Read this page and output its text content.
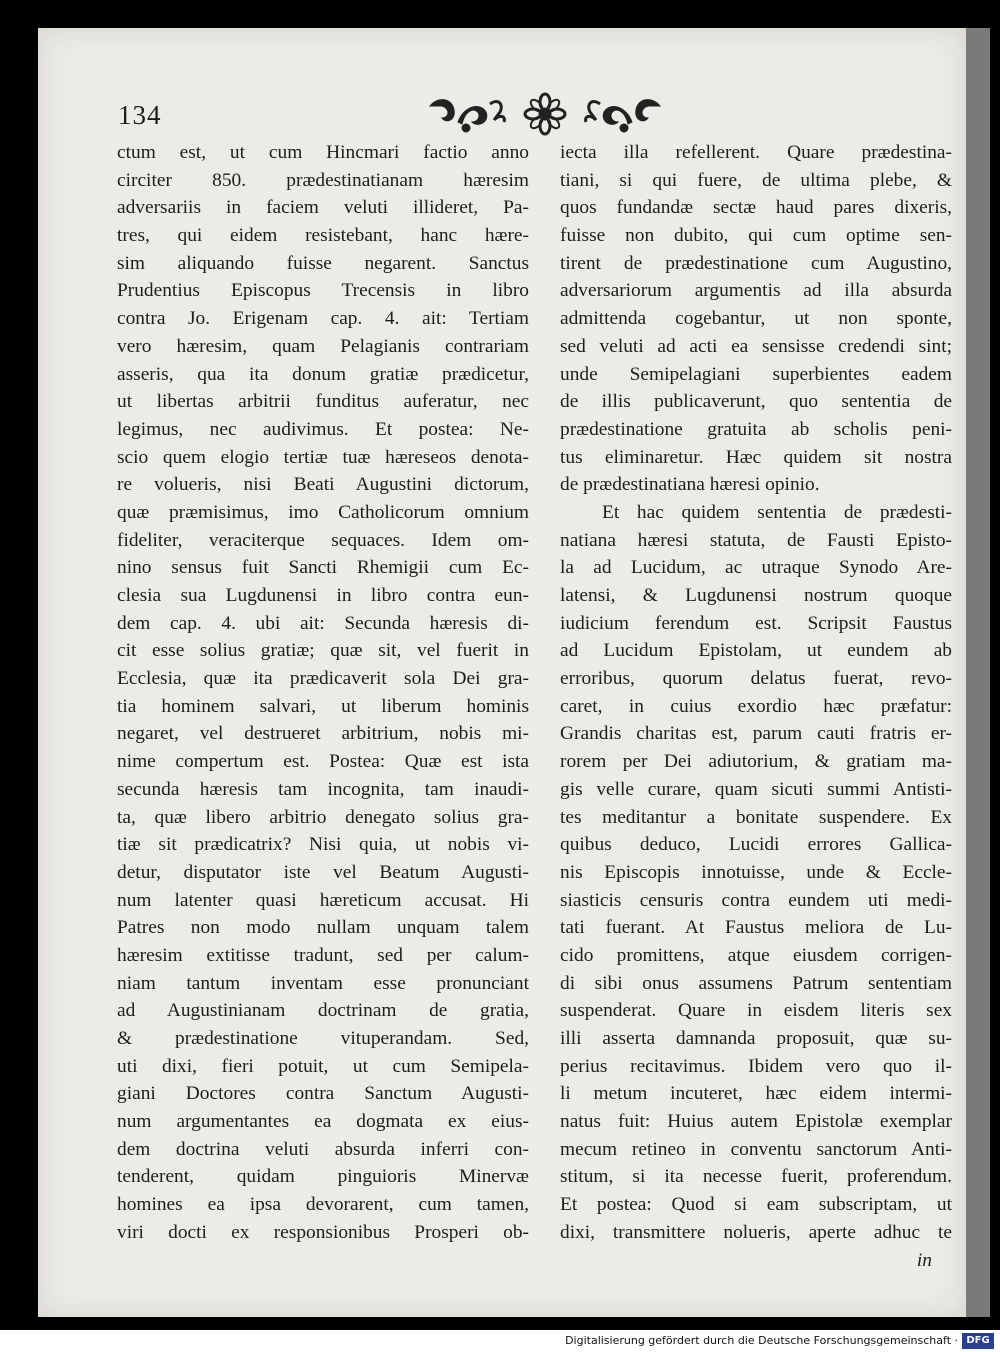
134
ctum est, ut cum Hincmari factio anno
circiter 850. prædestinatianam hæresim
adversariis in faciem veluti illideret, Pa-
tres, qui eidem resistebant, hanc hære-
sim aliquando fuisse negarent. Sanctus
Prudentius Episcopus Trecensis in libro
contra Jo. Erigenam cap. 4. ait: Tertiam
vero hæresim, quam Pelagianis contrariam
asseris, qua ita donum gratiæ prædicetur,
ut libertas arbitrii funditus auferatur, nec
legimus, nec audivimus. Et postea: Ne-
scio quem elogio tertiæ tuæ hæreseos denota-
re volueris, nisi Beati Augustini dictorum,
quæ præmisimus, imo Catholicorum omnium
fideliter, veraciterque sequaces. Idem om-
nino sensus fuit Sancti Rhemigii cum Ec-
clesia sua Lugdunensi in libro contra eun-
dem cap. 4. ubi ait: Secunda hæresis di-
cit esse solius gratiæ; quæ sit, vel fuerit in
Ecclesia, quæ ita prædicaverit sola Dei gra-
tia hominem salvari, ut liberum hominis
negaret, vel destrueret arbitrium, nobis mi-
nime compertum est. Postea: Quæ est ista
secunda hæresis tam incognita, tam inaudi-
ta, quæ libero arbitrio denegato solius gra-
tiæ sit prædicatrix? Nisi quia, ut nobis vi-
detur, disputator iste vel Beatum Augusti-
num latenter quasi hæreticum accusat. Hi
Patres non modo nullam unquam talem
hæresim extitisse tradunt, sed per calum-
niam tantum inventam esse pronunciant
ad Augustinianam doctrinam de gratia,
& prædestinatione vituperandam. Sed,
uti dixi, fieri potuit, ut cum Semipela-
giani Doctores contra Sanctum Augusti-
num argumentantes ea dogmata ex eius-
dem doctrina veluti absurda inferri con-
tenderent, quidam pinguioris Minervæ
homines ea ipsa devorarent, cum tamen,
viri docti ex responsionibus Prosperi ob-
iecta illa refellerent. Quare prædestina-
tiani, si qui fuere, de ultima plebe, &
quos fundandæ sectæ haud pares dixeris,
fuisse non dubito, qui cum optime sen-
tirent de prædestinatione cum Augustino,
adversariorum argumentis ad illa absurda
admittenda cogebantur, ut non sponte,
sed veluti ad acti ea sensisse credendi sint;
unde Semipelagiani superbientes eadem
de illis publicaverunt, quo sententia de
prædestinatione gratuita ab scholis peni-
tus eliminaretur. Hæc quidem sit nostra
de prædestinatiana hæresi opinio.
Et hac quidem sententia de prædesti-
natiana hæresi statuta, de Fausti Episto-
la ad Lucidum, ac utraque Synodo Are-
latensi, & Lugdunensi nostrum quoque
iudicium ferendum est. Scripsit Faustus
ad Lucidum Epistolam, ut eundem ab
erroribus, quorum delatus fuerat, revo-
caret, in cuius exordio hæc præfatur:
Grandis charitas est, parum cauti fratris er-
rorem per Dei adiutorium, & gratiam ma-
gis velle curare, quam sicuti summi Antisti-
tes meditantur a bonitate suspendere. Ex
quibus deduco, Lucidi errores Gallica-
nis Episcopis innotuisse, unde & Eccle-
siasticis censuris contra eundem uti medi-
tati fuerant. At Faustus meliora de Lu-
cido promittens, atque eiusdem corrigen-
di sibi onus assumens Patrum sententiam
suspenderat. Quare in eisdem literis sex
illi asserta damnanda proposuit, quæ su-
perius recitavimus. Ibidem vero quo il-
li metum incuteret, hæc eidem intermi-
natus fuit: Huius autem Epistolæ exemplar
mecum retineo in conventu sanctorum Anti-
stitum, si ita necesse fuerit, proferendum.
Et postea: Quod si eam subscriptam, ut
dixi, transmittere nolueris, aperte adhuc te
in
Digitalisierung gefördert durch die Deutsche Forschungsgemeinschaft · DFG
